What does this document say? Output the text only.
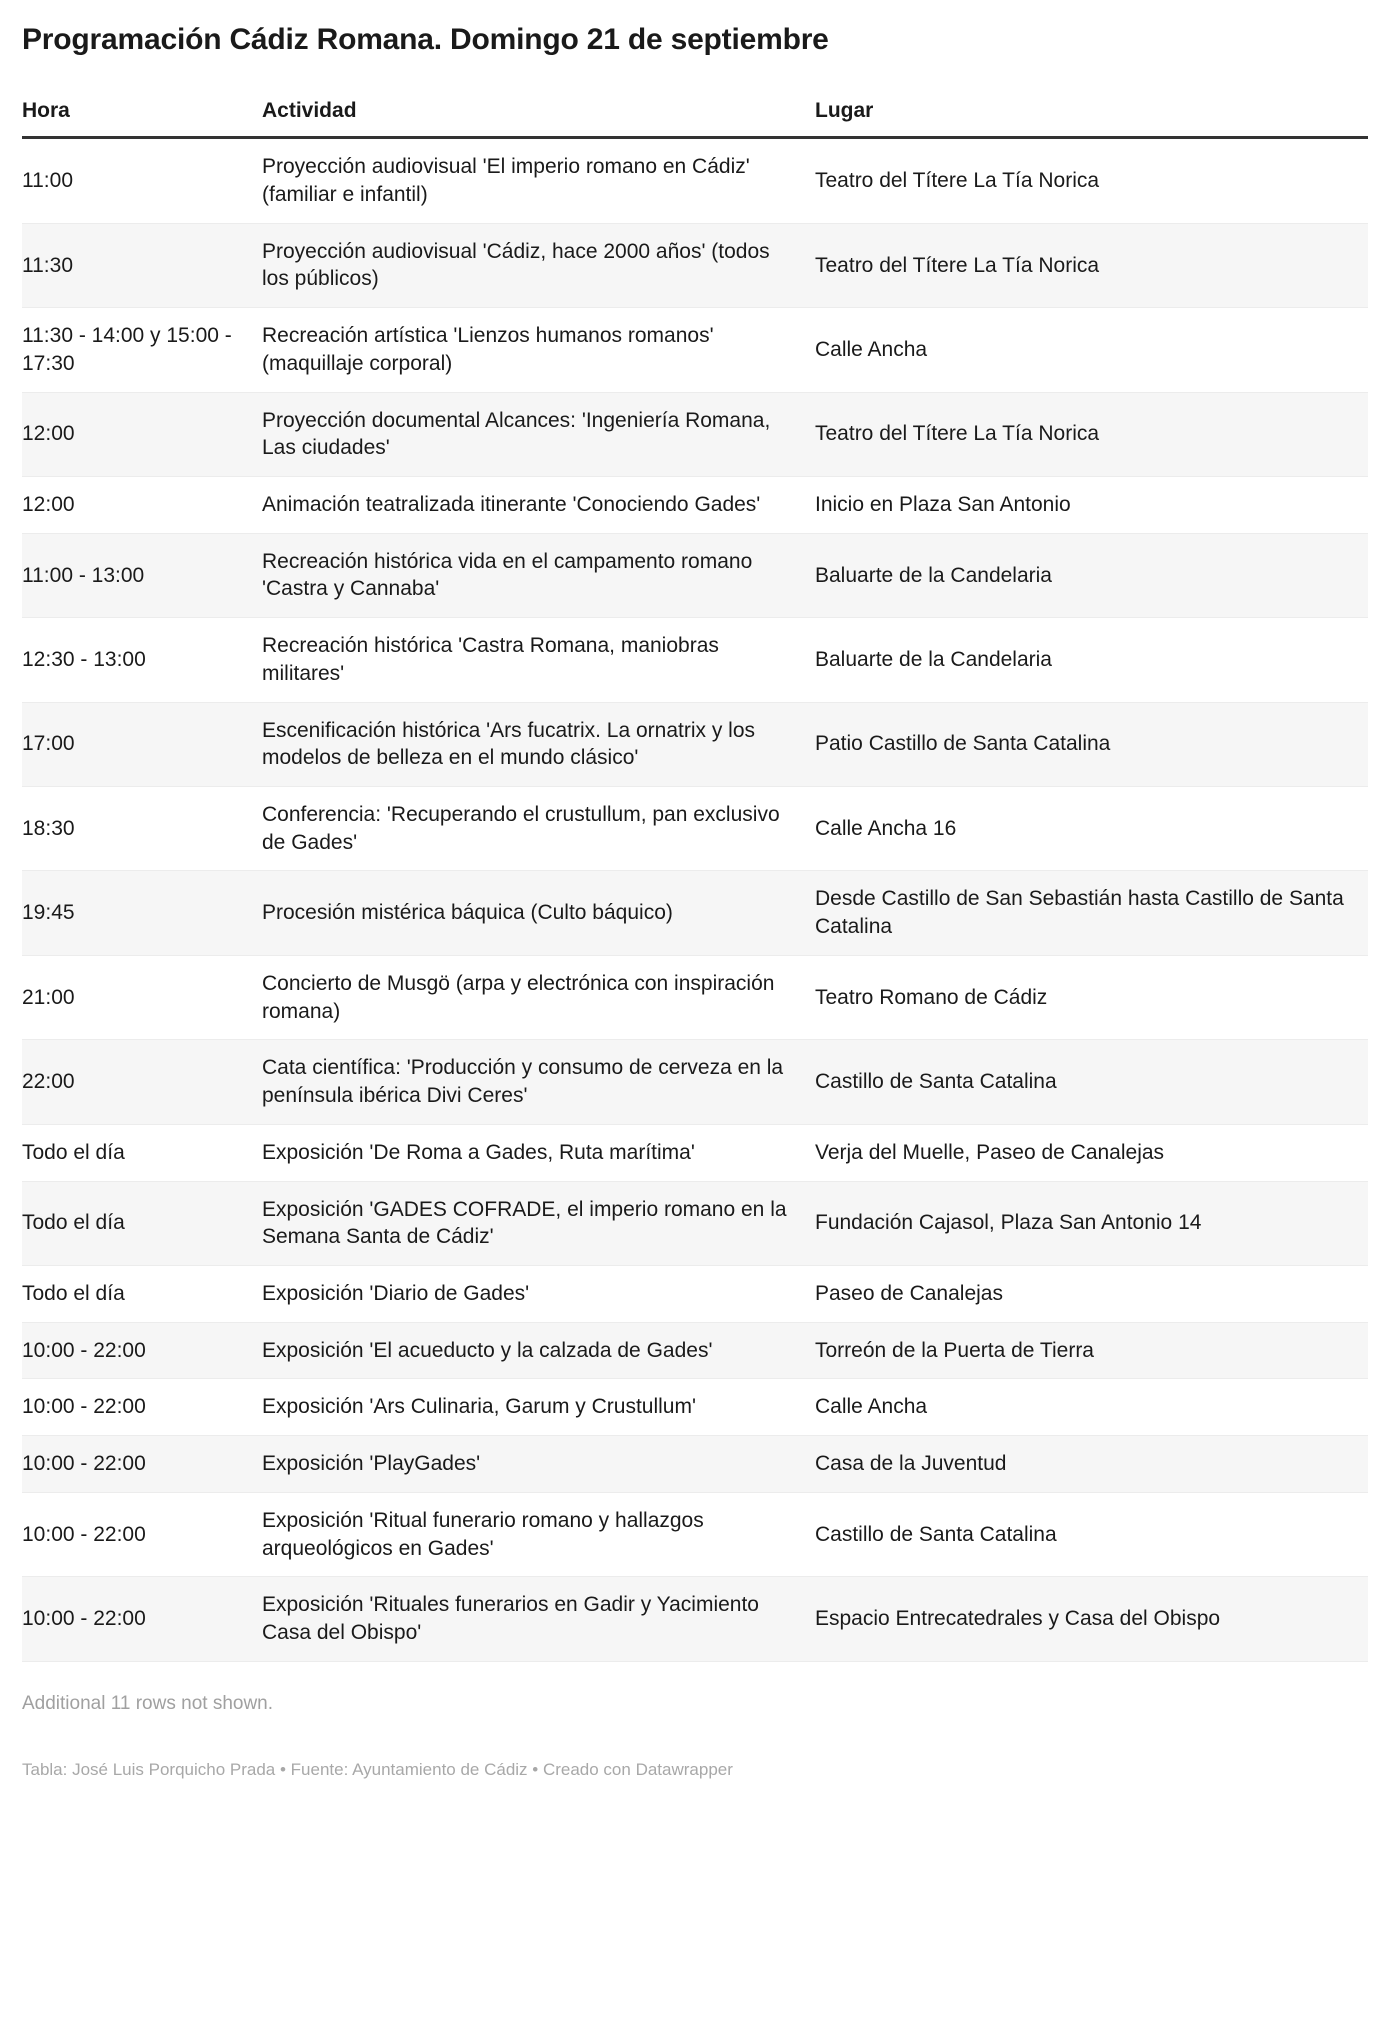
Programación Cádiz Romana. Domingo 21 de septiembre
Hora	Actividad	Lugar
11:00	Proyección audiovisual 'El imperio romano en Cádiz' (familiar e infantil)	Teatro del Títere La Tía Norica
11:30	Proyección audiovisual 'Cádiz, hace 2000 años' (todos los públicos)	Teatro del Títere La Tía Norica
11:30 - 14:00 y 15:00 - 17:30	Recreación artística 'Lienzos humanos romanos' (maquillaje corporal)	Calle Ancha
12:00	Proyección documental Alcances: 'Ingeniería Romana, Las ciudades'	Teatro del Títere La Tía Norica
12:00	Animación teatralizada itinerante 'Conociendo Gades'	Inicio en Plaza San Antonio
11:00 - 13:00	Recreación histórica vida en el campamento romano 'Castra y Cannaba'	Baluarte de la Candelaria
12:30 - 13:00	Recreación histórica 'Castra Romana, maniobras militares'	Baluarte de la Candelaria
17:00	Escenificación histórica 'Ars fucatrix. La ornatrix y los modelos de belleza en el mundo clásico'	Patio Castillo de Santa Catalina
18:30	Conferencia: 'Recuperando el crustullum, pan exclusivo de Gades'	Calle Ancha 16
19:45	Procesión mistérica báquica (Culto báquico)	Desde Castillo de San Sebastián hasta Castillo de Santa Catalina
21:00	Concierto de Musgö (arpa y electrónica con inspiración romana)	Teatro Romano de Cádiz
22:00	Cata científica: 'Producción y consumo de cerveza en la península ibérica Divi Ceres'	Castillo de Santa Catalina
Todo el día	Exposición 'De Roma a Gades, Ruta marítima'	Verja del Muelle, Paseo de Canalejas
Todo el día	Exposición 'GADES COFRADE, el imperio romano en la Semana Santa de Cádiz'	Fundación Cajasol, Plaza San Antonio 14
Todo el día	Exposición 'Diario de Gades'	Paseo de Canalejas
10:00 - 22:00	Exposición 'El acueducto y la calzada de Gades'	Torreón de la Puerta de Tierra
10:00 - 22:00	Exposición 'Ars Culinaria, Garum y Crustullum'	Calle Ancha
10:00 - 22:00	Exposición 'PlayGades'	Casa de la Juventud
10:00 - 22:00	Exposición 'Ritual funerario romano y hallazgos arqueológicos en Gades'	Castillo de Santa Catalina
10:00 - 22:00	Exposición 'Rituales funerarios en Gadir y Yacimiento Casa del Obispo'	Espacio Entrecatedrales y Casa del Obispo
Additional 11 rows not shown.
Tabla: José Luis Porquicho Prada • Fuente: Ayuntamiento de Cádiz • Creado con Datawrapper
